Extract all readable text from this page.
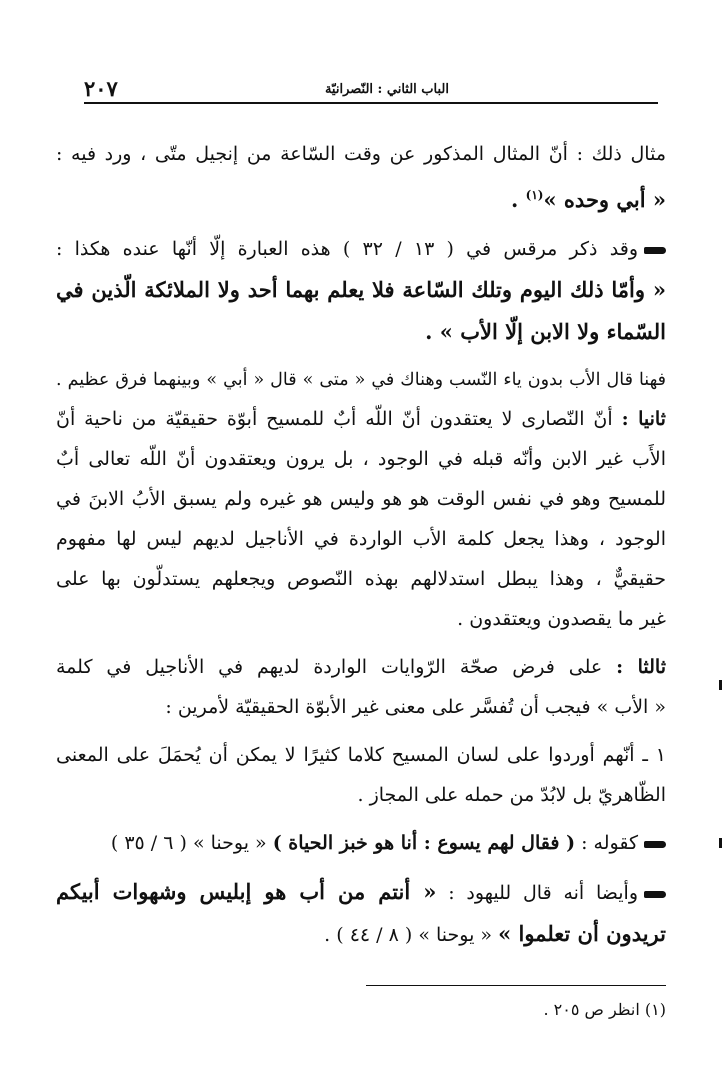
الباب الثاني : النّصرانيّة
٢٠٧

مثال ذلك : أنّ المثال المذكور عن وقت السّاعة من إنجيل متّى ، ورد فيه :
« أبي وحده »$^{(١)}$ .

وقد ذكر مرقس في ( ١٣ / ٣٢ ) هذه العبارة إلّا أنّها عنده هكذا :
« وأمّا ذلك اليوم وتلك السّاعة فلا يعلم بهما أحد ولا الملائكة الّذين في
السّماء ولا الابن إلّا الأب » .

فهنا قال الأب بدون ياء النّسب وهناك في « متى » قال « أبي » وبينهما فرق عظيم .

ثانيا : أنّ النّصارى لا يعتقدون أنّ اللّه أبٌ للمسيح أبوّة حقيقيّة من ناحية أنّ
الأَب غير الابن وأنّه قبله في الوجود ، بل يرون ويعتقدون أنّ اللّه تعالى أبٌ
للمسيح وهو في نفس الوقت هو هو وليس هو غيره ولم يسبق الأبُ الابنَ في
الوجود ، وهذا يجعل كلمة الأب الواردة في الأناجيل لديهم ليس لها مفهوم
حقيقيٌّ ، وهذا يبطل استدلالهم بهذه النّصوص ويجعلهم يستدلّون بها على
غير ما يقصدون ويعتقدون .

ثالثا : على فرض صحّة الرّوايات الواردة لديهم في الأناجيل في كلمة
« الأب » فيجب أن تُفسَّر على معنى غير الأبوّة الحقيقيّة لأمرين :

١ ـ أنّهم أوردوا على لسان المسيح كلاما كثيرًا لا يمكن أن يُحمَلَ على المعنى
الظّاهريّ بل لابُدّ من حمله على المجاز .

كقوله : ( فقال لهم يسوع : أنا هو خبز الحياة ) « يوحنا » ( ٦ / ٣٥ )

وأيضا أنه قال لليهود : « أنتم من أب هو إبليس وشهوات أبيكم
تريدون أن تعلموا » « يوحنا » ( ٨ / ٤٤ ) .

(١) انظر ص ٢٠٥ .
